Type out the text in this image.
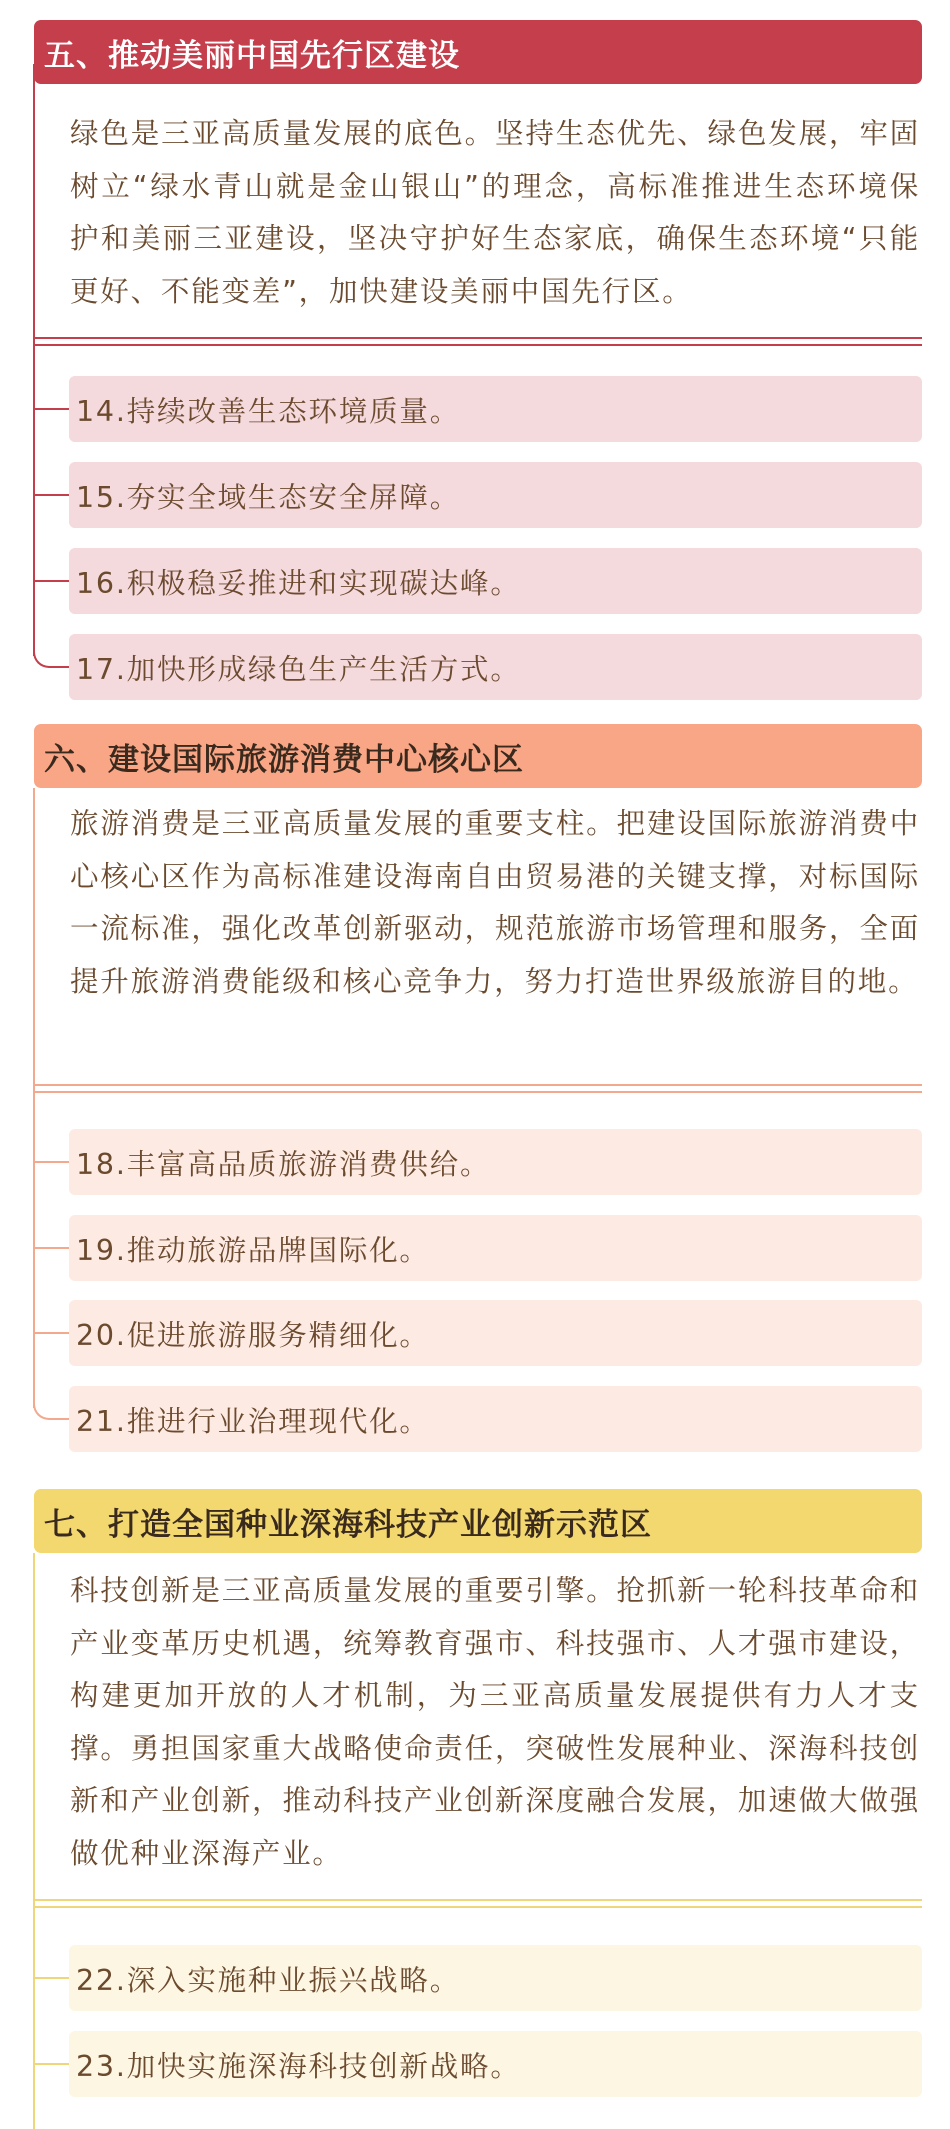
五、推动美丽中国先行区建设

绿色是三亚高质量发展的底色。坚持生态优先、绿色发展，牢固树立“绿水青山就是金山银山”的理念，高标准推进生态环境保护和美丽三亚建设，坚决守护好生态家底，确保生态环境“只能更好、不能变差”，加快建设美丽中国先行区。

14.持续改善生态环境质量。
15.夯实全域生态安全屏障。
16.积极稳妥推进和实现碳达峰。
17.加快形成绿色生产生活方式。
六、建设国际旅游消费中心核心区

旅游消费是三亚高质量发展的重要支柱。把建设国际旅游消费中心核心区作为高标准建设海南自由贸易港的关键支撑，对标国际一流标准，强化改革创新驱动，规范旅游市场管理和服务，全面提升旅游消费能级和核心竞争力，努力打造世界级旅游目的地。

18.丰富高品质旅游消费供给。
19.推动旅游品牌国际化。
20.促进旅游服务精细化。
21.推进行业治理现代化。
七、打造全国种业深海科技产业创新示范区

科技创新是三亚高质量发展的重要引擎。抢抓新一轮科技革命和产业变革历史机遇，统筹教育强市、科技强市、人才强市建设，构建更加开放的人才机制，为三亚高质量发展提供有力人才支撑。勇担国家重大战略使命责任，突破性发展种业、深海科技创新和产业创新，推动科技产业创新深度融合发展，加速做大做强做优种业深海产业。

22.深入实施种业振兴战略。
23.加快实施深海科技创新战略。
